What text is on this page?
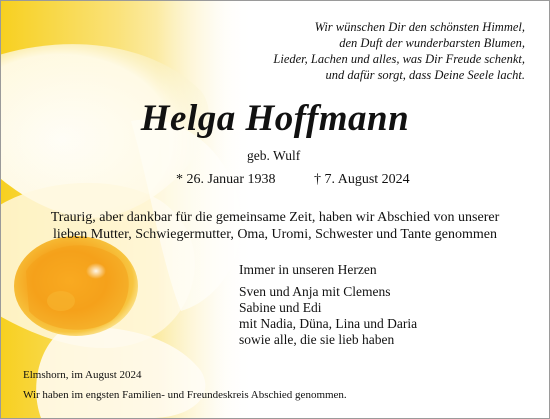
Wir wünschen Dir den schönsten Himmel,
den Duft der wunderbarsten Blumen,
Lieder, Lachen und alles, was Dir Freude schenkt,
und dafür sorgt, dass Deine Seele lacht.
Helga Hoffmann
geb. Wulf
* 26. Januar 1938	† 7. August 2024
Traurig, aber dankbar für die gemeinsame Zeit, haben wir Abschied von unserer
lieben Mutter, Schwiegermutter, Oma, Uromi, Schwester und Tante genommen
Immer in unseren Herzen
Sven und Anja mit Clemens
Sabine und Edi
mit Nadia, Düna, Lina und Daria
sowie alle, die sie lieb haben
Elmshorn, im August 2024
Wir haben im engsten Familien- und Freundeskreis Abschied genommen.
